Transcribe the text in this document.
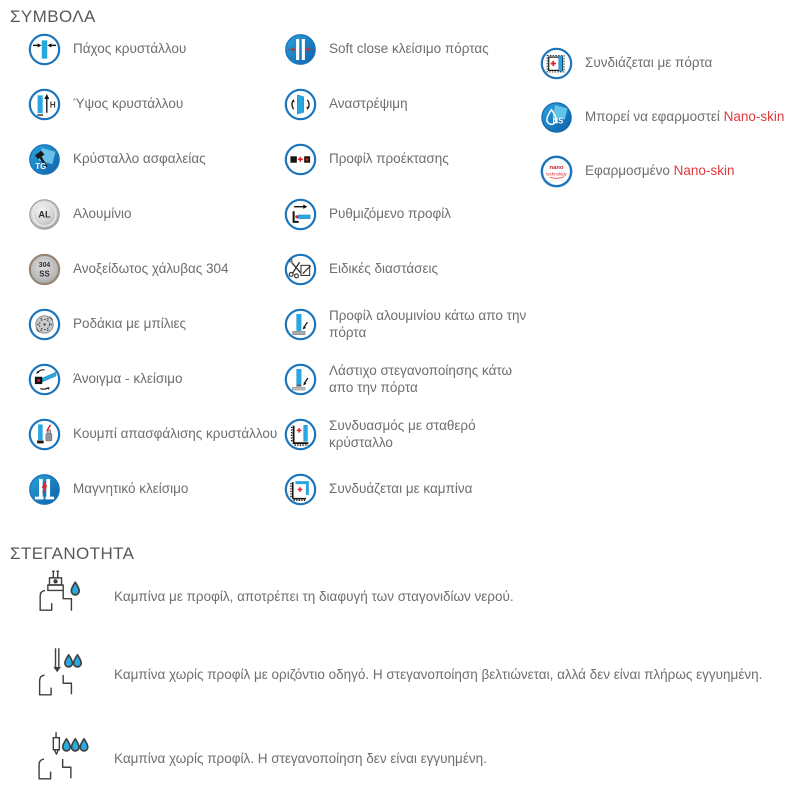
ΣΥΜΒΟΛΑ
Πάχος κρυστάλλου
H Ύψος κρυστάλλου
TG
Κρύσταλλο ασφαλείας
AL Αλουμίνιο
304
SS Ανοξείδωτος χάλυβας 304
Ροδάκια με μπίλιες
Άνοιγμα - κλείσιμο
Κουμπί απασφάλισης κρυστάλλου
Μαγνητικό κλείσιμο
Soft close κλείσιμο πόρτας
Αναστρέψιμη
Προφίλ προέκτασης
Ρυθμιζόμενο προφίλ
Ειδικές διαστάσεις
Προφίλ αλουμινίου κάτω απο την πόρτα
Λάστιχο στεγανοποίησης κάτω απο την πόρτα
Συνδυασμός με σταθερό κρύσταλλο
Συνδυάζεται με καμπίνα
Συνδιάζεται με πόρτα
NS Μπορεί να εφαρμοστεί Nano-skin
nano
technology Εφαρμοσμένο Nano-skin
ΣΤΕΓΑΝΟΤΗΤΑ
Καμπίνα με προφίλ, αποτρέπει τη διαφυγή των σταγονιδίων νερού.
Καμπίνα χωρίς προφίλ με οριζόντιο οδηγό. Η στεγανοποίηση βελτιώνεται, αλλά δεν είναι πλήρως εγγυημένη.
Καμπίνα χωρίς προφίλ. Η στεγανοποίηση δεν είναι εγγυημένη.
